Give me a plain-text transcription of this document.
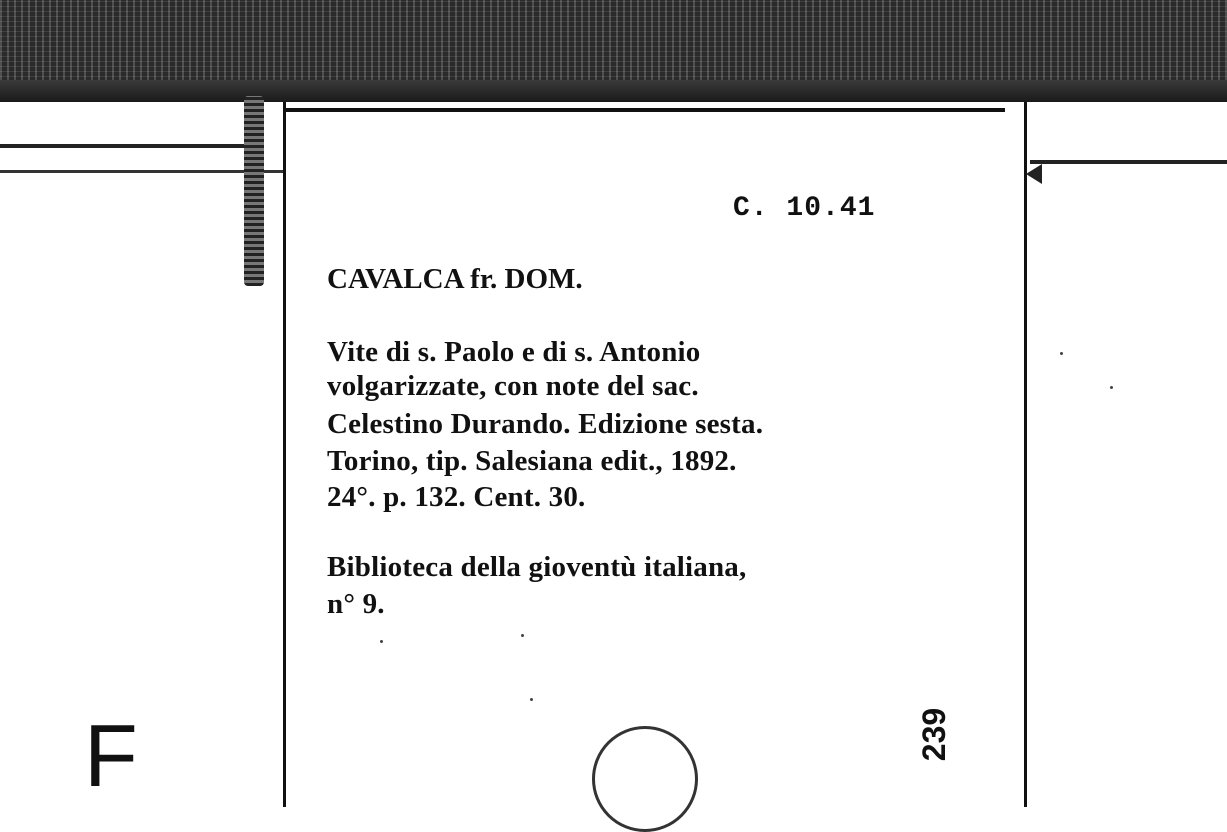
C. 10.41
CAVALCA fr. DOM.
Vite di s. Paolo e di s. Antonio
volgarizzate, con note del sac.
Celestino Durando. Edizione sesta.
Torino, tip. Salesiana edit., 1892.
24°. p. 132. Cent. 30.
Biblioteca della gioventù italiana,
n° 9.
F	239
